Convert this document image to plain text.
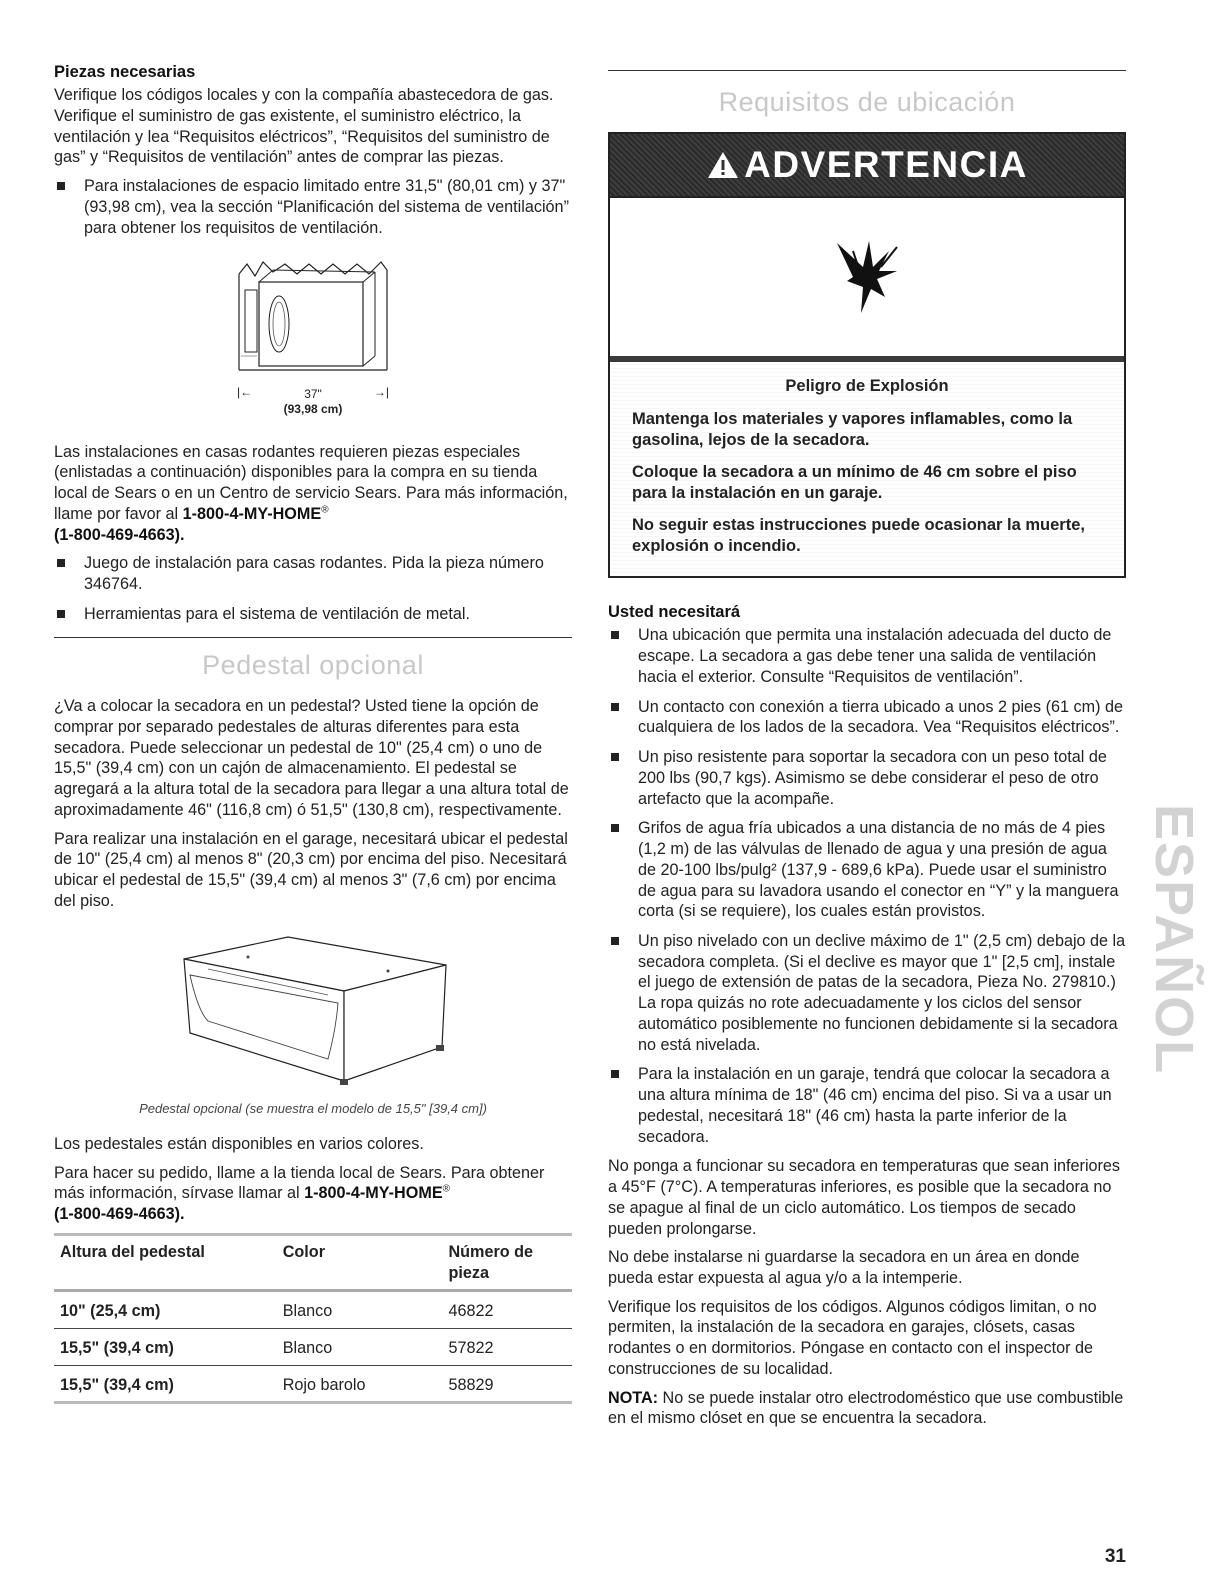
Piezas necesarias

Verifique los códigos locales y con la compañía abastecedora de gas. Verifique el suministro de gas existente, el suministro eléctrico, la ventilación y lea “Requisitos eléctricos”, “Requisitos del suministro de gas” y “Requisitos de ventilación” antes de comprar las piezas.

Para instalaciones de espacio limitado entre 31,5" (80,01 cm) y 37" (93,98 cm), vea la sección “Planificación del sistema de ventilación” para obtener los requisitos de ventilación.
|←	37"	→|
(93,98 cm)

Las instalaciones en casas rodantes requieren piezas especiales (enlistadas a continuación) disponibles para la compra en su tienda local de Sears o en un Centro de servicio Sears. Para más información, llame por favor al 1-800-4-MY-HOME®
(1-800-469-4663).

Juego de instalación para casas rodantes. Pida la pieza número 346764.
Herramientas para el sistema de ventilación de metal.
Pedestal opcional

¿Va a colocar la secadora en un pedestal? Usted tiene la opción de comprar por separado pedestales de alturas diferentes para esta secadora. Puede seleccionar un pedestal de 10" (25,4 cm) o uno de 15,5" (39,4 cm) con un cajón de almacenamiento. El pedestal se agregará a la altura total de la secadora para llegar a una altura total de aproximadamente 46" (116,8 cm) ó 51,5" (130,8 cm), respectivamente.

Para realizar una instalación en el garage, necesitará ubicar el pedestal de 10" (25,4 cm) al menos 8" (20,3 cm) por encima del piso. Necesitará ubicar el pedestal de 15,5" (39,4 cm) al menos 3" (7,6 cm) por encima del piso.

Pedestal opcional (se muestra el modelo de 15,5" [39,4 cm])

Los pedestales están disponibles en varios colores.

Para hacer su pedido, llame a la tienda local de Sears. Para obtener más información, sírvase llamar al 1-800-4-MY-HOME®
(1-800-469-4663).

Altura del pedestal	Color	Número de pieza
10" (25,4 cm)	Blanco	46822
15,5" (39,4 cm)	Blanco	57822
15,5" (39,4 cm)	Rojo barolo	58829
Requisitos de ubicación
ADVERTENCIA

Peligro de Explosión

Mantenga los materiales y vapores inflamables, como la gasolina, lejos de la secadora.

Coloque la secadora a un mínimo de 46 cm sobre el piso para la instalación en un garaje.

No seguir estas instrucciones puede ocasionar la muerte, explosión o incendio.

Usted necesitará
Una ubicación que permita una instalación adecuada del ducto de escape. La secadora a gas debe tener una salida de ventilación hacia el exterior. Consulte “Requisitos de ventilación”.
Un contacto con conexión a tierra ubicado a unos 2 pies (61 cm) de cualquiera de los lados de la secadora. Vea “Requisitos eléctricos”.
Un piso resistente para soportar la secadora con un peso total de 200 lbs (90,7 kgs). Asimismo se debe considerar el peso de otro artefacto que la acompañe.
Grifos de agua fría ubicados a una distancia de no más de 4 pies (1,2 m) de las válvulas de llenado de agua y una presión de agua de 20-100 lbs/pulg² (137,9 - 689,6 kPa). Puede usar el suministro de agua para su lavadora usando el conector en “Y” y la manguera corta (si se requiere), los cuales están provistos.
Un piso nivelado con un declive máximo de 1" (2,5 cm) debajo de la secadora completa. (Si el declive es mayor que 1" [2,5 cm], instale el juego de extensión de patas de la secadora, Pieza No. 279810.) La ropa quizás no rote adecuadamente y los ciclos del sensor automático posiblemente no funcionen debidamente si la secadora no está nivelada.
Para la instalación en un garaje, tendrá que colocar la secadora a una altura mínima de 18" (46 cm) encima del piso. Si va a usar un pedestal, necesitará 18" (46 cm) hasta la parte inferior de la secadora.

No ponga a funcionar su secadora en temperaturas que sean inferiores a 45°F (7°C). A temperaturas inferiores, es posible que la secadora no se apague al final de un ciclo automático. Los tiempos de secado pueden prolongarse.

No debe instalarse ni guardarse la secadora en un área en donde pueda estar expuesta al agua y/o a la intemperie.

Verifique los requisitos de los códigos. Algunos códigos limitan, o no permiten, la instalación de la secadora en garajes, clósets, casas rodantes o en dormitorios. Póngase en contacto con el inspector de construcciones de su localidad.

NOTA: No se puede instalar otro electrodoméstico que use combustible en el mismo clóset en que se encuentra la secadora.

ESPAÑOL
31
